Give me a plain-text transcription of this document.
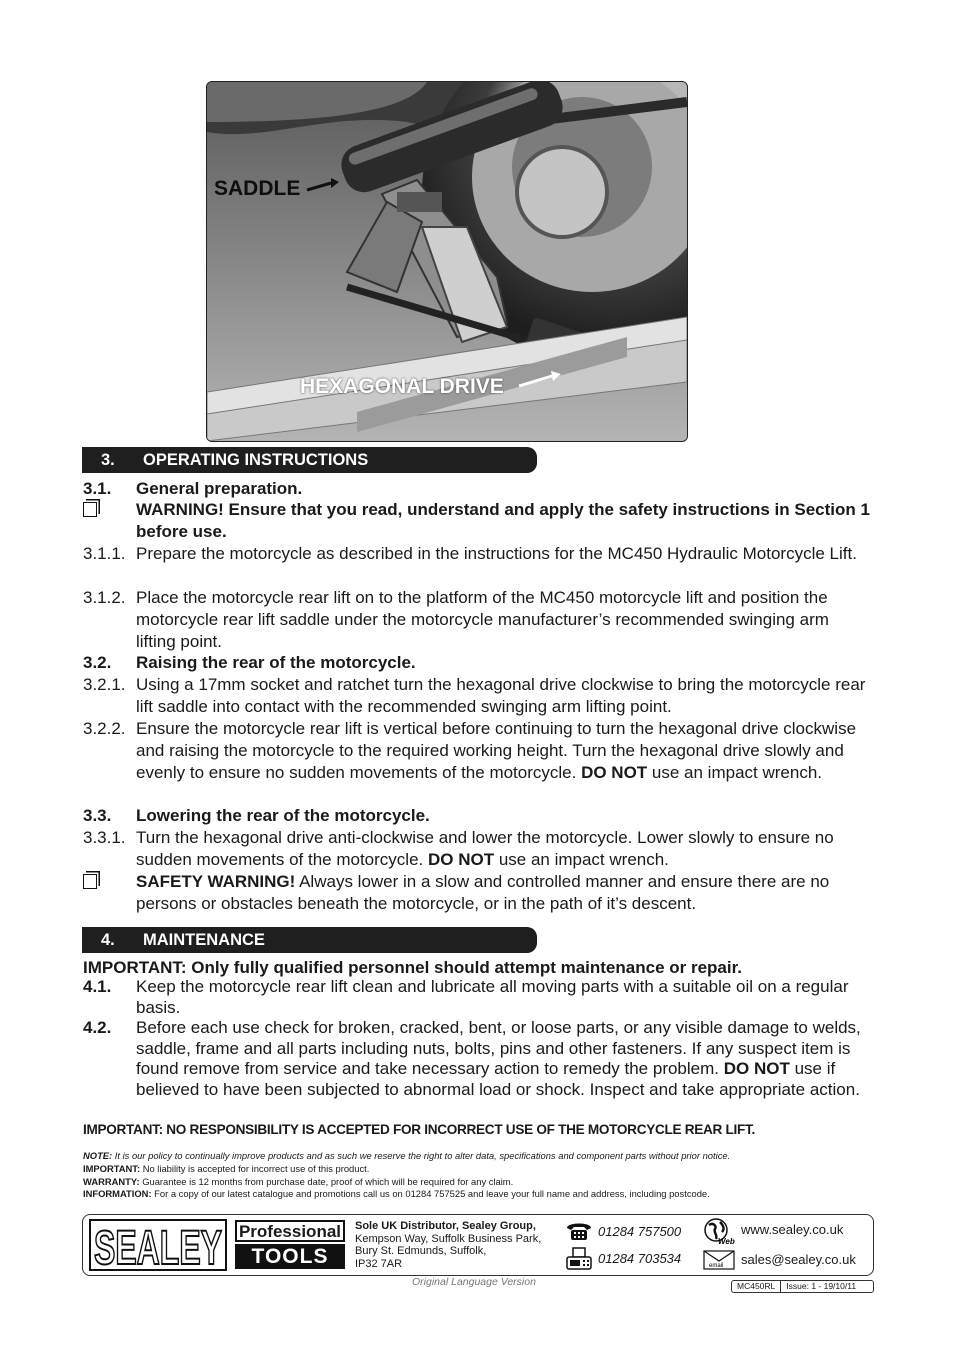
SADDLE
HEXAGONAL DRIVE
3. OPERATING INSTRUCTIONS
3.1. General preparation.
WARNING! Ensure that you read, understand and apply the safety instructions in Section 1 before use.
3.1.1. Prepare the motorcycle as described in the instructions for the MC450 Hydraulic Motorcycle Lift.
3.1.2. Place the motorcycle rear lift on to the platform of the MC450 motorcycle lift and position the motorcycle rear lift saddle under the motorcycle manufacturer’s recommended swinging arm lifting point.
3.2. Raising the rear of the motorcycle.
3.2.1. Using a 17mm socket and ratchet turn the hexagonal drive clockwise to bring the motorcycle rear lift saddle into contact with the recommended swinging arm lifting point.
3.2.2. Ensure the motorcycle rear lift is vertical before continuing to turn the hexagonal drive clockwise and raising the motorcycle to the required working height. Turn the hexagonal drive slowly and evenly to ensure no sudden movements of the motorcycle. DO NOT use an impact wrench.
3.3. Lowering the rear of the motorcycle.
3.3.1. Turn the hexagonal drive anti-clockwise and lower the motorcycle. Lower slowly to ensure no sudden movements of the motorcycle. DO NOT use an impact wrench.
SAFETY WARNING! Always lower in a slow and controlled manner and ensure there are no persons or obstacles beneath the motorcycle, or in the path of it’s descent.
4. MAINTENANCE
IMPORTANT: Only fully qualified personnel should attempt maintenance or repair.
4.1. Keep the motorcycle rear lift clean and lubricate all moving parts with a suitable oil on a regular basis.
4.2. Before each use check for broken, cracked, bent, or loose parts, or any visible damage to welds, saddle, frame and all parts including nuts, bolts, pins and other fasteners. If any suspect item is found remove from service and take necessary action to remedy the problem. DO NOT use if believed to have been subjected to abnormal load or shock. Inspect and take appropriate action.
IMPORTANT: NO RESPONSIBILITY IS ACCEPTED FOR INCORRECT USE OF THE MOTORCYCLE REAR LIFT.
NOTE: It is our policy to continually improve products and as such we reserve the right to alter data, specifications and component parts without prior notice.
IMPORTANT: No liability is accepted for incorrect use of this product.
WARRANTY: Guarantee is 12 months from purchase date, proof of which will be required for any claim.
INFORMATION: For a copy of our latest catalogue and promotions call us on 01284 757525 and leave your full name and address, including postcode.
SEALEY Professional
TOOLS
Sole UK Distributor, Sealey Group,
Kempson Way, Suffolk Business Park,
Bury St. Edmunds, Suffolk,
IP32 7AR
01284 757500
01284 703534
Web
www.sealey.co.uk
email sales@sealey.co.uk
Original Language Version	MC450RL	Issue: 1 - 19/10/11
